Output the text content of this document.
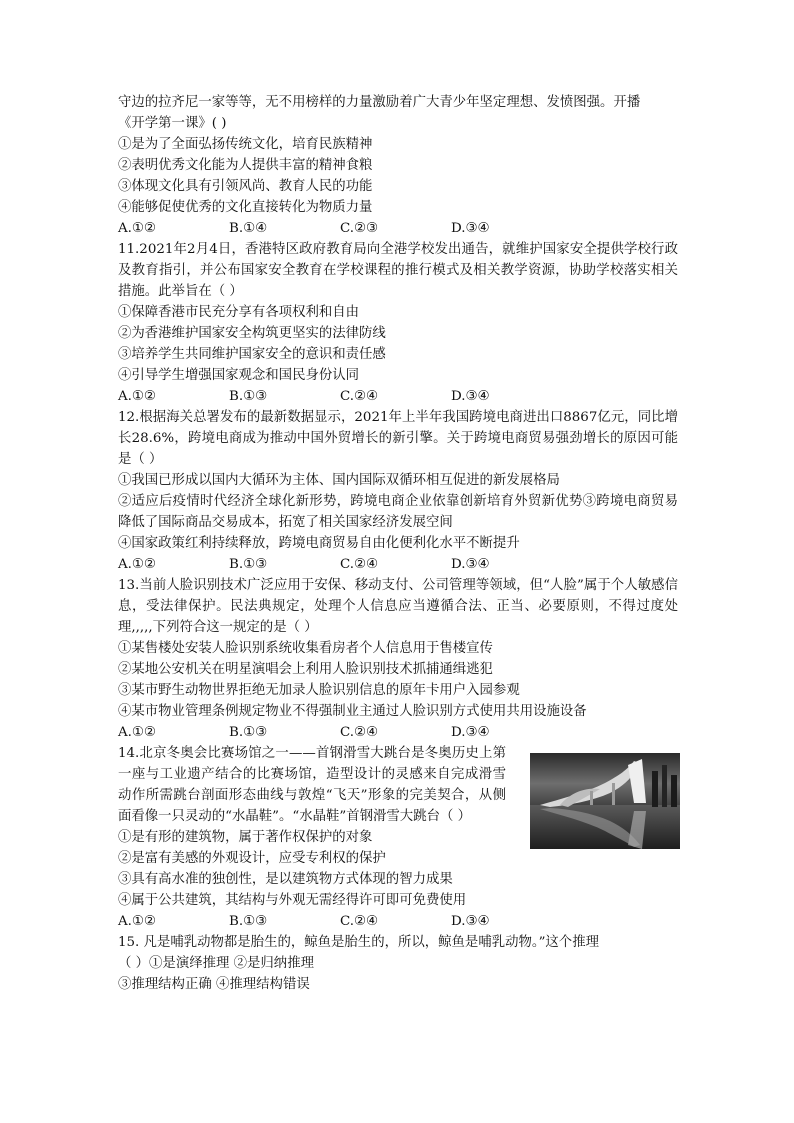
守边的拉齐尼一家等等，无不用榜样的力量激励着广大青少年坚定理想、发愤图强。开播
《开学第一课》( )
①是为了全面弘扬传统文化，培育民族精神
②表明优秀文化能为人提供丰富的精神食粮
③体现文化具有引领风尚、教育人民的功能
④能够促使优秀的文化直接转化为物质力量
A.①②	B.①④	C.②③	D.③④
11.2021年2月4日，香港特区政府教育局向全港学校发出通告，就维护国家安全提供学校行政及教育指引，并公布国家安全教育在学校课程的推行模式及相关教学资源，协助学校落实相关措施。此举旨在（ ）
①保障香港市民充分享有各项权利和自由
②为香港维护国家安全构筑更坚实的法律防线
③培养学生共同维护国家安全的意识和责任感
④引导学生增强国家观念和国民身份认同
A.①②	B.①③	C.②④	D.③④
12.根据海关总署发布的最新数据显示，2021年上半年我国跨境电商进出口8867亿元，同比增长28.6%，跨境电商成为推动中国外贸增长的新引擎。关于跨境电商贸易强劲增长的原因可能是（ ）
①我国已形成以国内大循环为主体、国内国际双循环相互促进的新发展格局
②适应后疫情时代经济全球化新形势，跨境电商企业依靠创新培育外贸新优势③跨境电商贸易降低了国际商品交易成本，拓宽了相关国家经济发展空间
④国家政策红利持续释放，跨境电商贸易自由化便利化水平不断提升
A.①②	B.①③	C.②④	D.③④
13.当前人脸识别技术广泛应用于安保、移动支付、公司管理等领域，但“人脸”属于个人敏感信息，受法律保护。民法典规定，处理个人信息应当遵循合法、正当、必要原则，不得过度处理,,,,,下列符合这一规定的是（ ）
①某售楼处安装人脸识别系统收集看房者个人信息用于售楼宣传
②某地公安机关在明星演唱会上利用人脸识别技术抓捕通缉逃犯
③某市野生动物世界拒绝无加录人脸识别信息的原年卡用户入园参观
④某市物业管理条例规定物业不得强制业主通过人脸识别方式使用共用设施设备
A.①②	B.①③	C.②④	D.③④
14.北京冬奥会比赛场馆之一——首钢滑雪大跳台是冬奥历史上第一座与工业遗产结合的比赛场馆，造型设计的灵感来自完成滑雪动作所需跳台剖面形态曲线与敦煌“飞天”形象的完美契合，从侧面看像一只灵动的“水晶鞋”。“水晶鞋”首钢滑雪大跳台（ ）
①是有形的建筑物，属于著作权保护的对象
②是富有美感的外观设计，应受专利权的保护
③具有高水准的独创性，是以建筑物方式体现的智力成果
④属于公共建筑，其结构与外观无需经得许可即可免费使用
A.①②	B.①③	C.②④	D.③④
15. 凡是哺乳动物都是胎生的，鲸鱼是胎生的，所以，鲸鱼是哺乳动物。”这个推理
（ ）①是演绎推理 ②是归纳推理
③推理结构正确 ④推理结构错误
